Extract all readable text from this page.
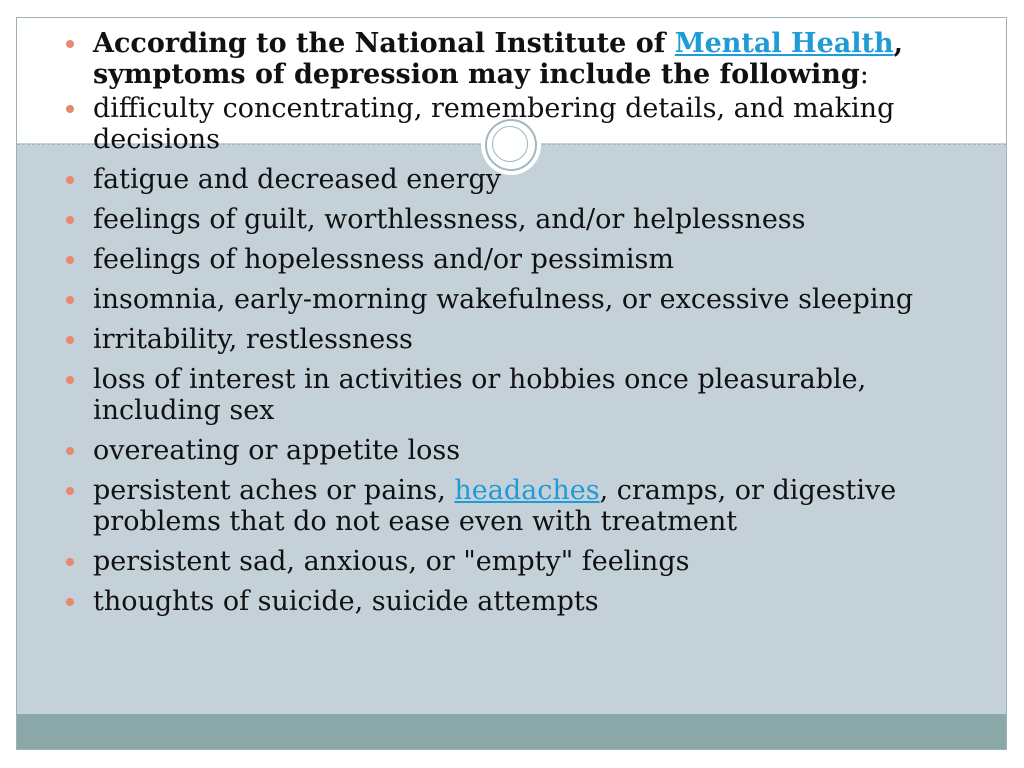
According to the National Institute of Mental Health, symptoms of depression may include the following:
difficulty concentrating, remembering details, and making decisions
fatigue and decreased energy
feelings of guilt, worthlessness, and/or helplessness
feelings of hopelessness and/or pessimism
insomnia, early-morning wakefulness, or excessive sleeping
irritability, restlessness
loss of interest in activities or hobbies once pleasurable, including sex
overeating or appetite loss
persistent aches or pains, headaches, cramps, or digestive problems that do not ease even with treatment
persistent sad, anxious, or "empty" feelings
thoughts of suicide, suicide attempts
